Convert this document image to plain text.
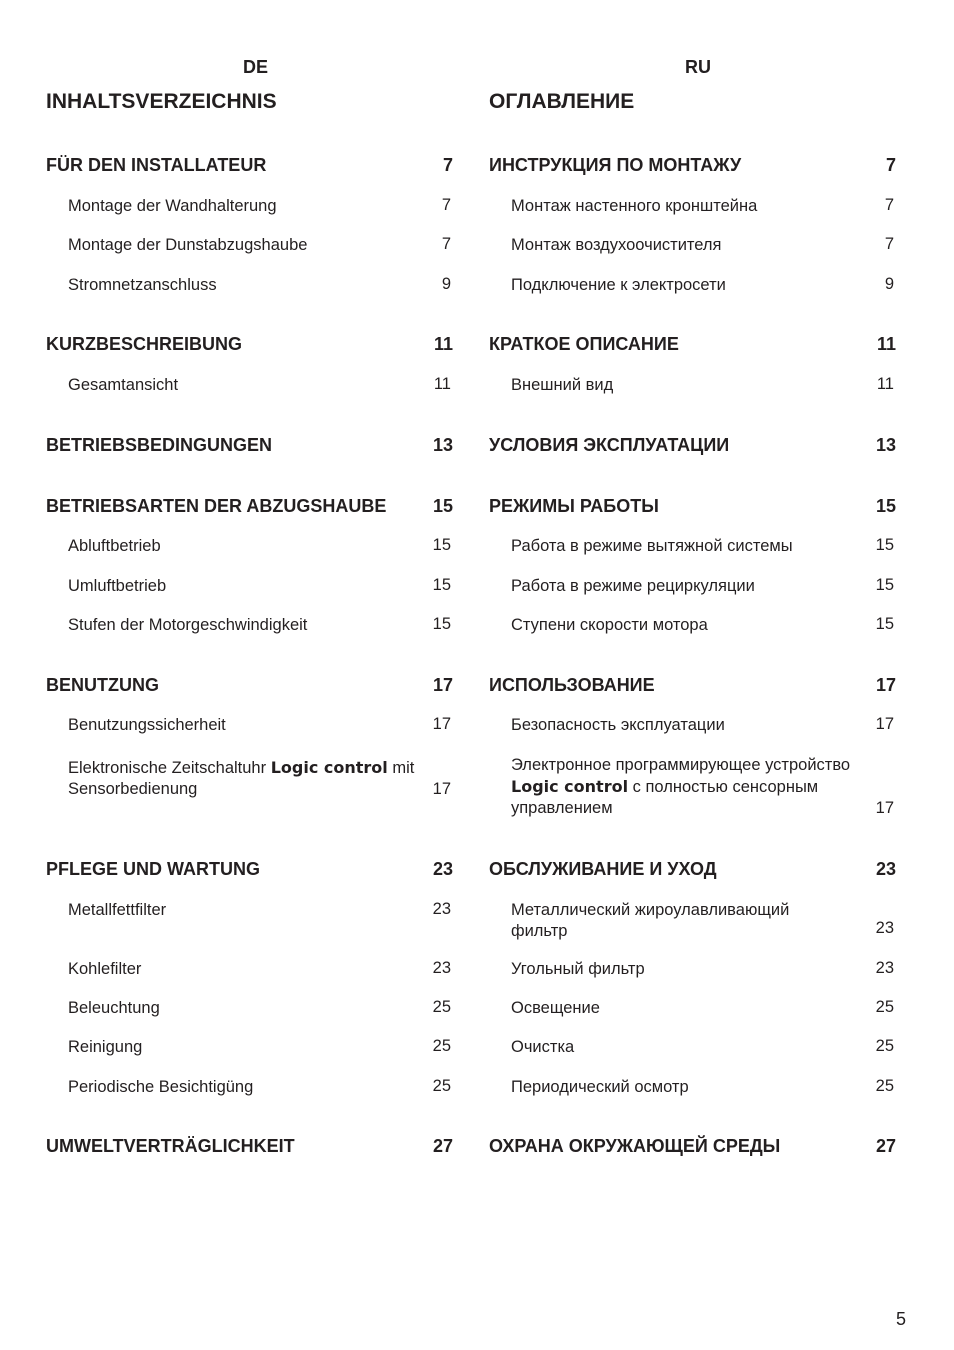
DE
INHALTSVERZEICHNIS
FÜR DEN INSTALLATEUR	7
Montage der Wandhalterung	7
Montage der Dunstabzugshaube	7
Stromnetzanschluss	9
KURZBESCHREIBUNG	11
Gesamtansicht	11
BETRIEBSBEDINGUNGEN	13
BETRIEBSARTEN DER ABZUGSHAUBE	15
Abluftbetrieb	15
Umluftbetrieb	15
Stufen der Motorgeschwindigkeit	15
BENUTZUNG	17
Benutzungssicherheit	17
Elektronische Zeitschaltuhr Logic control mit Sensorbedienung	17
PFLEGE UND WARTUNG	23
Metallfettfilter	23
Kohlefilter	23
Beleuchtung	25
Reinigung	25
Periodische Besichtigüng	25
UMWELTVERTRÄGLICHKEIT	27
RU
ОГЛАВЛЕНИЕ
ИНСТРУКЦИЯ ПО МОНТАЖУ	7
Монтаж настенного кронштейна	7
Монтаж воздухоочистителя	7
Подключение к электросети	9
КРАТКОЕ ОПИСАНИЕ	11
Внешний вид	11
УСЛОВИЯ ЭКСПЛУАТАЦИИ	13
РЕЖИМЫ РАБОТЫ	15
Работа в режиме вытяжной системы	15
Работа в режиме рециркуляции	15
Ступени скорости мотора	15
ИСПОЛЬЗОВАНИЕ	17
Безопасность эксплуатации	17
Электронное программирующее устройство Logic control с полностью сенсорным управлением	17
ОБСЛУЖИВАНИЕ И УХОД	23
Металлический жироулавливающий фильтр	23
Угольный фильтр	23
Освещение	25
Очистка	25
Периодический осмотр	25
ОХРАНА ОКРУЖАЮЩЕЙ СРЕДЫ	27
5
